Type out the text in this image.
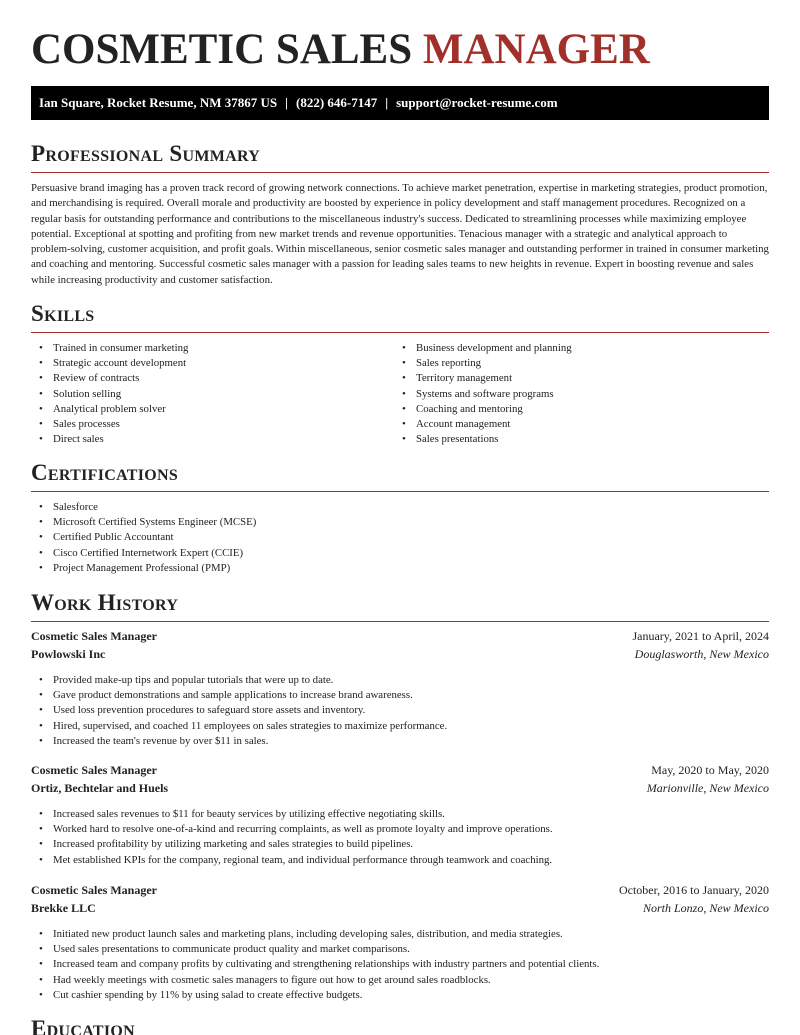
COSMETIC SALES MANAGER
Ian Square, Rocket Resume, NM 37867 US | (822) 646-7147 | support@rocket-resume.com
Professional Summary

Persuasive brand imaging has a proven track record of growing network connections. To achieve market penetration, expertise in marketing strategies, product promotion, and merchandising is required. Overall morale and productivity are boosted by experience in policy development and staff management procedures. Recognized on a regular basis for outstanding performance and contributions to the miscellaneous industry's success. Dedicated to streamlining processes while maximizing employee potential. Exceptional at spotting and profiting from new market trends and revenue opportunities. Tenacious manager with a strategic and analytical approach to problem-solving, customer acquisition, and profit goals. Within miscellaneous, senior cosmetic sales manager and outstanding performer in trained in consumer marketing and coaching and mentoring. Successful cosmetic sales manager with a passion for leading sales teams to new heights in revenue. Expert in boosting revenue and sales while increasing productivity and customer satisfaction.

Skills
• Trained in consumer marketing
• Strategic account development
• Review of contracts
• Solution selling
• Analytical problem solver
• Sales processes
• Direct sales
• Business development and planning
• Sales reporting
• Territory management
• Systems and software programs
• Coaching and mentoring
• Account management
• Sales presentations
Certifications
• Salesforce
• Microsoft Certified Systems Engineer (MCSE)
• Certified Public Accountant
• Cisco Certified Internetwork Expert (CCIE)
• Project Management Professional (PMP)
Work History
Cosmetic Sales Manager	January, 2021 to April, 2024
Powlowski Inc	Douglasworth, New Mexico
• Provided make-up tips and popular tutorials that were up to date.
• Gave product demonstrations and sample applications to increase brand awareness.
• Used loss prevention procedures to safeguard store assets and inventory.
• Hired, supervised, and coached 11 employees on sales strategies to maximize performance.
• Increased the team's revenue by over $11 in sales.
Cosmetic Sales Manager	May, 2020 to May, 2020
Ortiz, Bechtelar and Huels	Marionville, New Mexico
• Increased sales revenues to $11 for beauty services by utilizing effective negotiating skills.
• Worked hard to resolve one-of-a-kind and recurring complaints, as well as promote loyalty and improve operations.
• Increased profitability by utilizing marketing and sales strategies to build pipelines.
• Met established KPIs for the company, regional team, and individual performance through teamwork and coaching.
Cosmetic Sales Manager	October, 2016 to January, 2020
Brekke LLC	North Lonzo, New Mexico
• Initiated new product launch sales and marketing plans, including developing sales, distribution, and media strategies.
• Used sales presentations to communicate product quality and market comparisons.
• Increased team and company profits by cultivating and strengthening relationships with industry partners and potential clients.
• Had weekly meetings with cosmetic sales managers to figure out how to get around sales roadblocks.
• Cut cashier spending by 11% by using salad to create effective budgets.
Education
